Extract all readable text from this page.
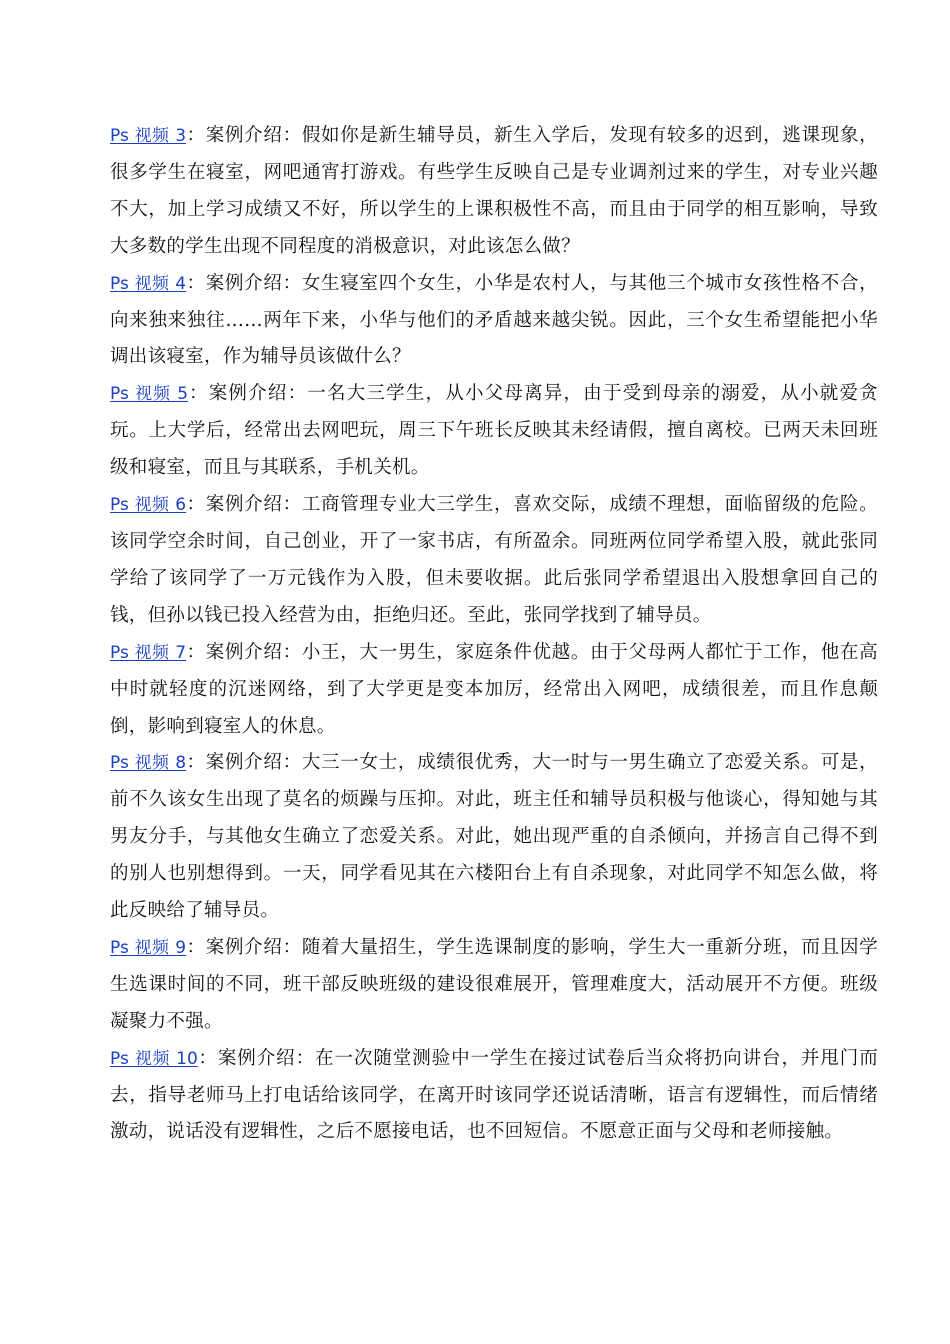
Ps 视频 3：案例介绍：假如你是新生辅导员，新生入学后，发现有较多的迟到，逃课现象，很多学生在寝室，网吧通宵打游戏。有些学生反映自己是专业调剂过来的学生，对专业兴趣不大，加上学习成绩又不好，所以学生的上课积极性不高，而且由于同学的相互影响，导致大多数的学生出现不同程度的消极意识，对此该怎么做？

Ps 视频 4：案例介绍：女生寝室四个女生，小华是农村人，与其他三个城市女孩性格不合，向来独来独往……两年下来，小华与他们的矛盾越来越尖锐。因此，三个女生希望能把小华调出该寝室，作为辅导员该做什么？

Ps 视频 5：案例介绍：一名大三学生，从小父母离异，由于受到母亲的溺爱，从小就爱贪玩。上大学后，经常出去网吧玩，周三下午班长反映其未经请假，擅自离校。已两天未回班级和寝室，而且与其联系，手机关机。

Ps 视频 6：案例介绍：工商管理专业大三学生，喜欢交际，成绩不理想，面临留级的危险。该同学空余时间，自己创业，开了一家书店，有所盈余。同班两位同学希望入股，就此张同学给了该同学了一万元钱作为入股，但未要收据。此后张同学希望退出入股想拿回自己的钱，但孙以钱已投入经营为由，拒绝归还。至此，张同学找到了辅导员。

Ps 视频 7：案例介绍：小王，大一男生，家庭条件优越。由于父母两人都忙于工作，他在高中时就轻度的沉迷网络，到了大学更是变本加厉，经常出入网吧，成绩很差，而且作息颠倒，影响到寝室人的休息。

Ps 视频 8：案例介绍：大三一女士，成绩很优秀，大一时与一男生确立了恋爱关系。可是，前不久该女生出现了莫名的烦躁与压抑。对此，班主任和辅导员积极与他谈心，得知她与其男友分手，与其他女生确立了恋爱关系。对此，她出现严重的自杀倾向，并扬言自己得不到的别人也别想得到。一天，同学看见其在六楼阳台上有自杀现象，对此同学不知怎么做，将此反映给了辅导员。

Ps 视频 9：案例介绍：随着大量招生，学生选课制度的影响，学生大一重新分班，而且因学生选课时间的不同，班干部反映班级的建设很难展开，管理难度大，活动展开不方便。班级凝聚力不强。

Ps 视频 10：案例介绍：在一次随堂测验中一学生在接过试卷后当众将扔向讲台，并甩门而去，指导老师马上打电话给该同学，在离开时该同学还说话清晰，语言有逻辑性，而后情绪激动，说话没有逻辑性，之后不愿接电话，也不回短信。不愿意正面与父母和老师接触。
